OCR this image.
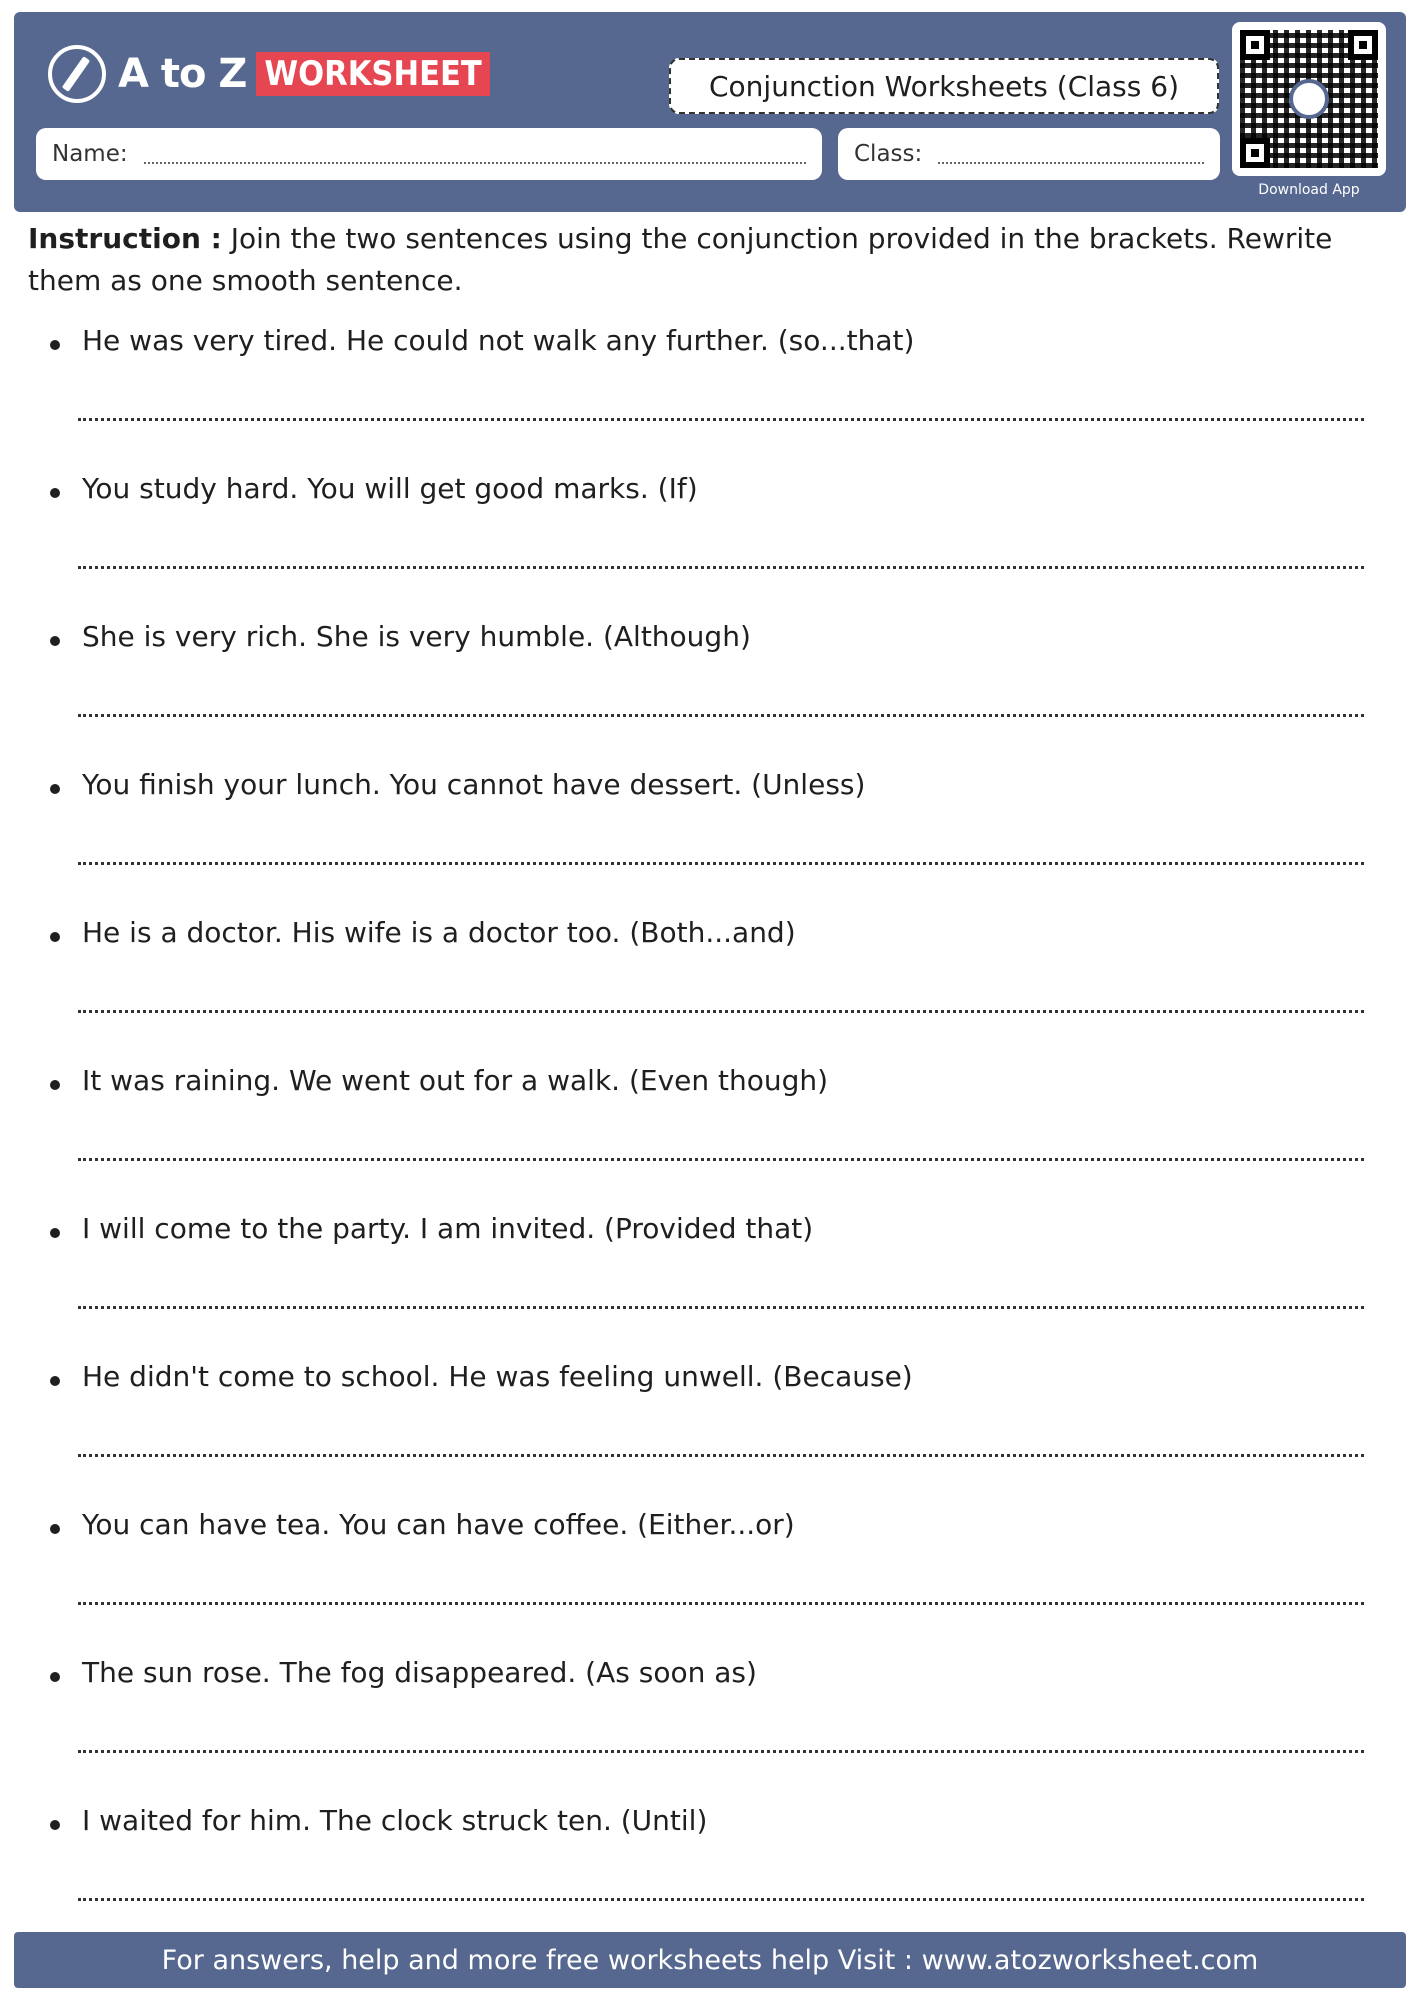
A to Z WORKSHEET	Conjunction Worksheets (Class 6)
Name:	Class:
Download App
Instruction : Join the two sentences using the conjunction provided in the brackets. Rewrite them as one smooth sentence.
He was very tired. He could not walk any further. (so...that)
You study hard. You will get good marks. (If)
She is very rich. She is very humble. (Although)
You finish your lunch. You cannot have dessert. (Unless)
He is a doctor. His wife is a doctor too. (Both...and)
It was raining. We went out for a walk. (Even though)
I will come to the party. I am invited. (Provided that)
He didn't come to school. He was feeling unwell. (Because)
You can have tea. You can have coffee. (Either...or)
The sun rose. The fog disappeared. (As soon as)
I waited for him. The clock struck ten. (Until)
For answers, help and more free worksheets help Visit : www.atozworksheet.com
